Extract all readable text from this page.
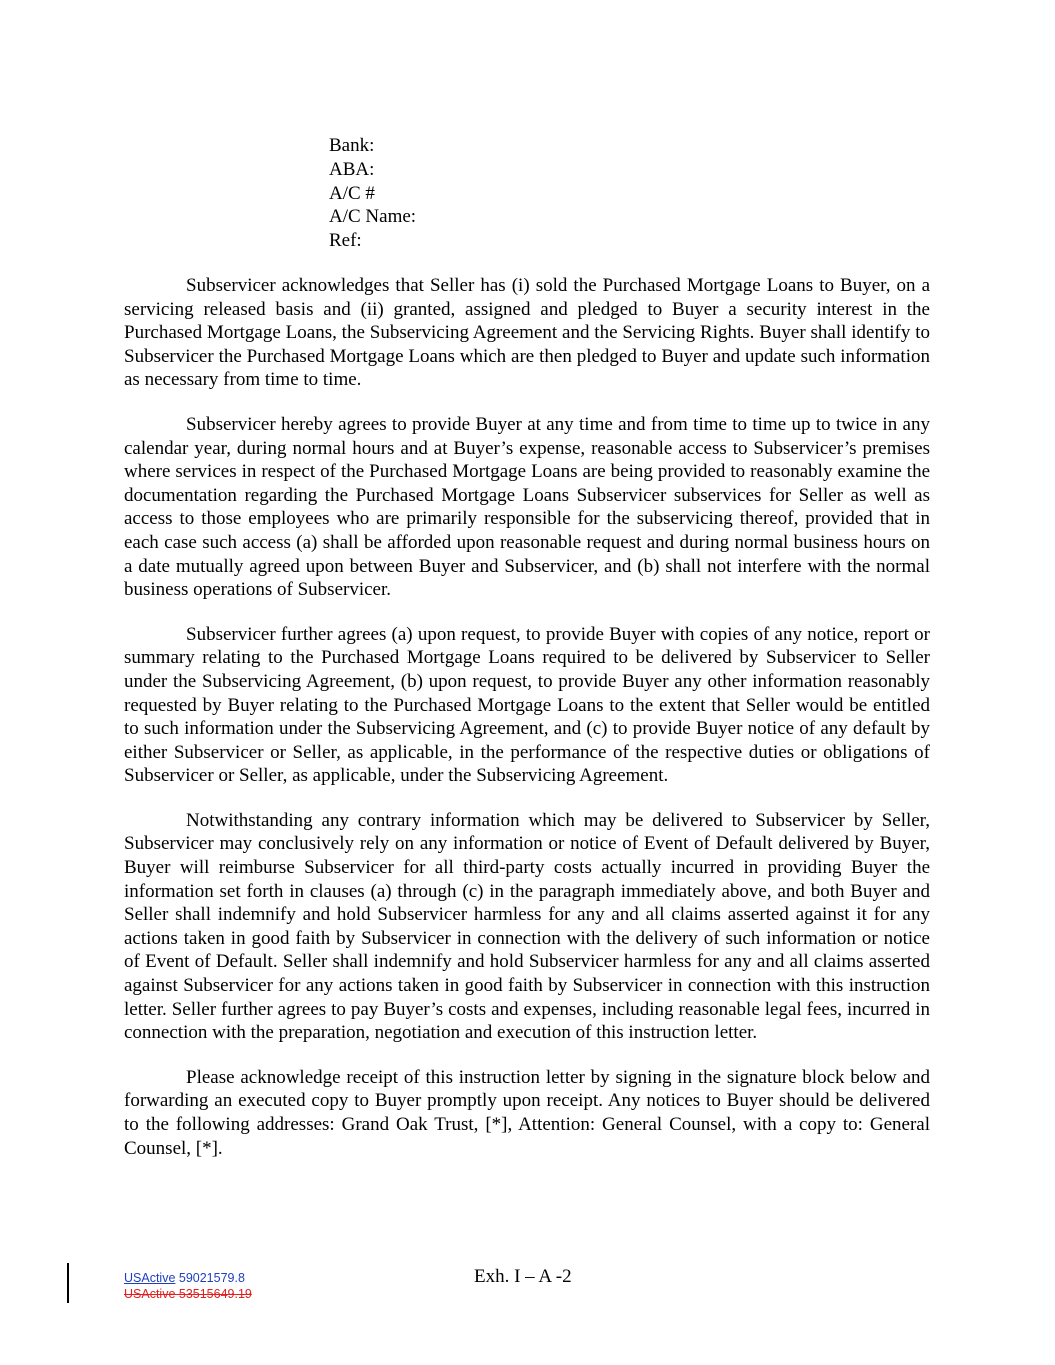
Bank:
ABA:
A/C #
A/C Name:
Ref:

Subservicer acknowledges that Seller has (i) sold the Purchased Mortgage Loans to Buyer, on a servicing released basis and (ii) granted, assigned and pledged to Buyer a security interest in the Purchased Mortgage Loans, the Subservicing Agreement and the Servicing Rights. Buyer shall identify to Subservicer the Purchased Mortgage Loans which are then pledged to Buyer and update such information as necessary from time to time.

Subservicer hereby agrees to provide Buyer at any time and from time to time up to twice in any calendar year, during normal hours and at Buyer’s expense, reasonable access to Subservicer’s premises where services in respect of the Purchased Mortgage Loans are being provided to reasonably examine the documentation regarding the Purchased Mortgage Loans Subservicer subservices for Seller as well as access to those employees who are primarily responsible for the subservicing thereof, provided that in each case such access (a) shall be afforded upon reasonable request and during normal business hours on a date mutually agreed upon between Buyer and Subservicer, and (b) shall not interfere with the normal business operations of Subservicer.

Subservicer further agrees (a) upon request, to provide Buyer with copies of any notice, report or summary relating to the Purchased Mortgage Loans required to be delivered by Subservicer to Seller under the Subservicing Agreement, (b) upon request, to provide Buyer any other information reasonably requested by Buyer relating to the Purchased Mortgage Loans to the extent that Seller would be entitled to such information under the Subservicing Agreement, and (c) to provide Buyer notice of any default by either Subservicer or Seller, as applicable, in the performance of the respective duties or obligations of Subservicer or Seller, as applicable, under the Subservicing Agreement.

Notwithstanding any contrary information which may be delivered to Subservicer by Seller, Subservicer may conclusively rely on any information or notice of Event of Default delivered by Buyer, Buyer will reimburse Subservicer for all third-party costs actually incurred in providing Buyer the information set forth in clauses (a) through (c) in the paragraph immediately above, and both Buyer and Seller shall indemnify and hold Subservicer harmless for any and all claims asserted against it for any actions taken in good faith by Subservicer in connection with the delivery of such information or notice of Event of Default. Seller shall indemnify and hold Subservicer harmless for any and all claims asserted against Subservicer for any actions taken in good faith by Subservicer in connection with this instruction letter. Seller further agrees to pay Buyer’s costs and expenses, including reasonable legal fees, incurred in connection with the preparation, negotiation and execution of this instruction letter.

Please acknowledge receipt of this instruction letter by signing in the signature block below and forwarding an executed copy to Buyer promptly upon receipt. Any notices to Buyer should be delivered to the following addresses: Grand Oak Trust, [*], Attention: General Counsel, with a copy to: General Counsel, [*].

USActive 59021579.8
USActive 53515649.19
Exh. I – A -2
